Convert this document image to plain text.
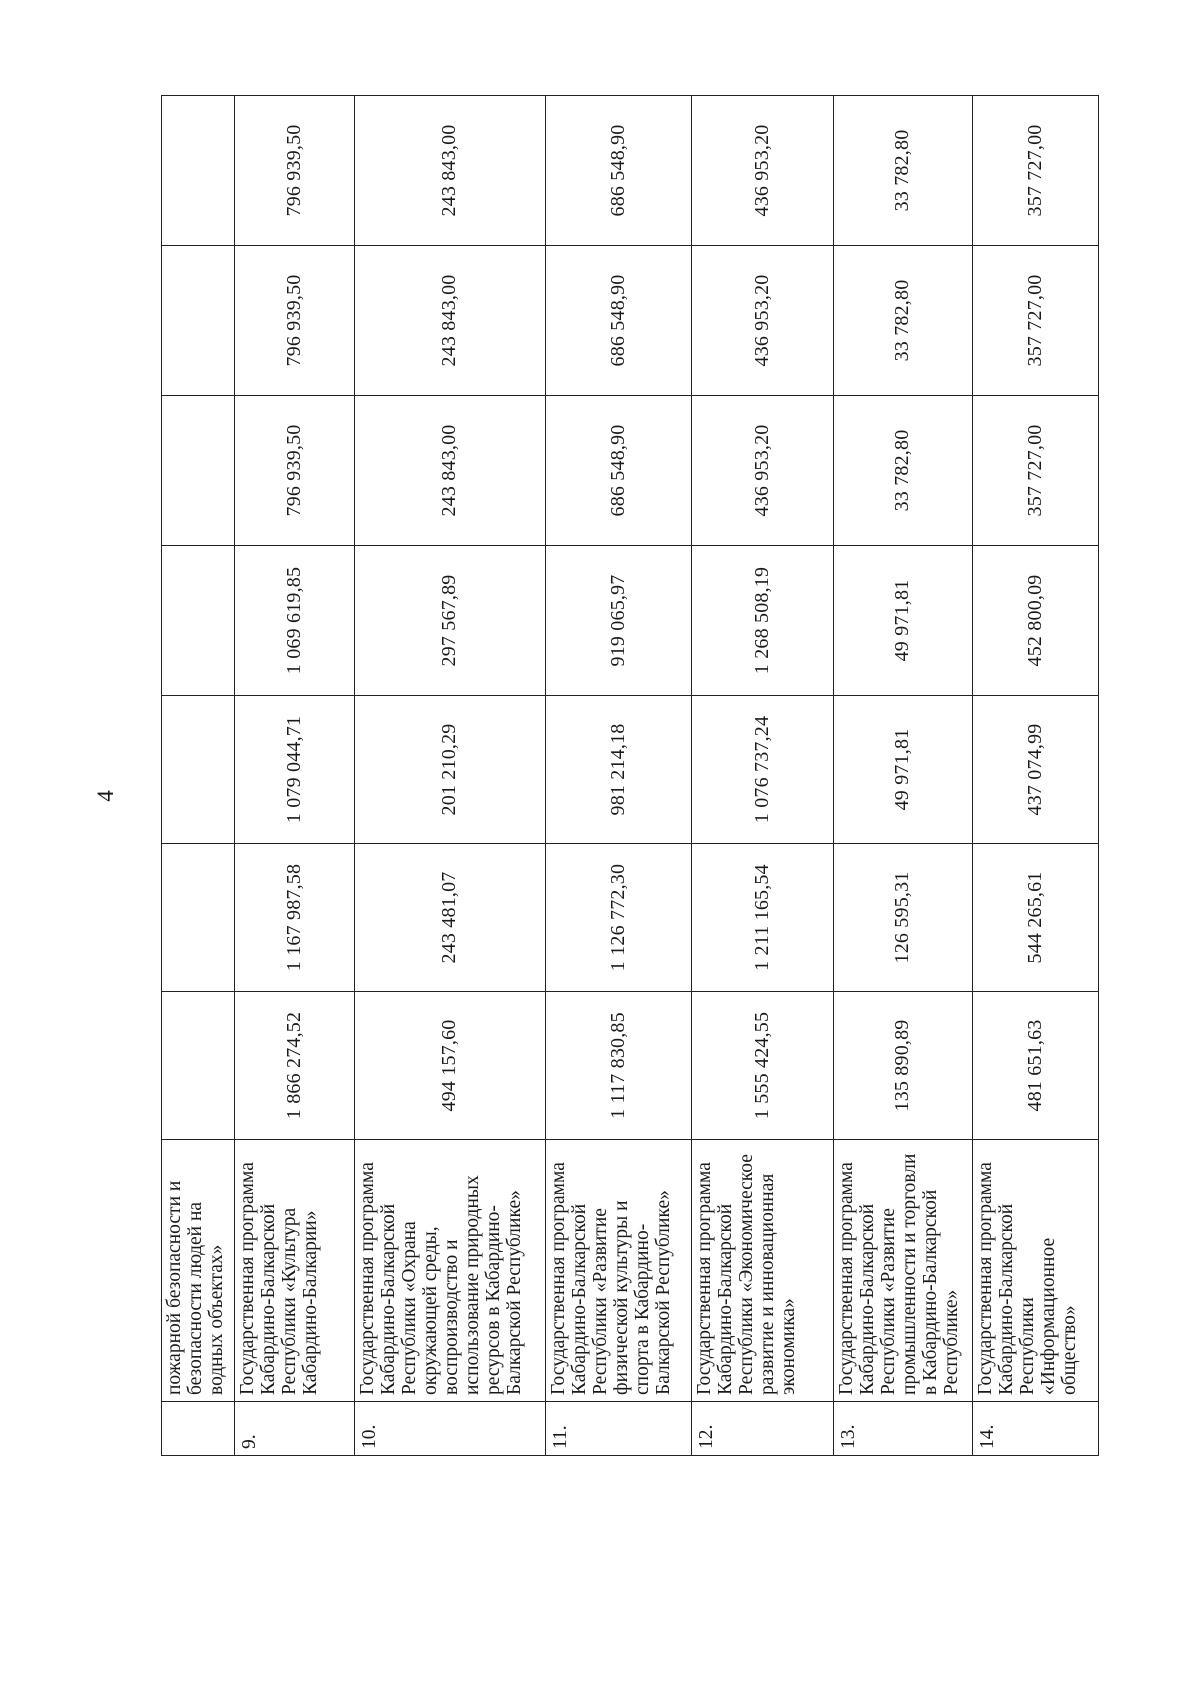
4
	пожарной безопасности и безопасности людей на водных объектах»							
9.	Государственная программа Кабардино-Балкарской Республики «Культура Кабардино-Балкарии»	1 866 274,52	1 167 987,58	1 079 044,71	1 069 619,85	796 939,50	796 939,50	796 939,50
10.	Государственная программа Кабардино-Балкарской Республики «Охрана окружающей среды, воспроизводство и использование природных ресурсов в Кабардино-Балкарской Республике»	494 157,60	243 481,07	201 210,29	297 567,89	243 843,00	243 843,00	243 843,00
11.	Государственная программа Кабардино-Балкарской Республики «Развитие физической культуры и спорта в Кабардино-Балкарской Республике»	1 117 830,85	1 126 772,30	981 214,18	919 065,97	686 548,90	686 548,90	686 548,90
12.	Государственная программа Кабардино-Балкарской Республики «Экономическое развитие и инновационная экономика»	1 555 424,55	1 211 165,54	1 076 737,24	1 268 508,19	436 953,20	436 953,20	436 953,20
13.	Государственная программа Кабардино-Балкарской Республики «Развитие промышленности и торговли в Кабардино-Балкарской Республике»	135 890,89	126 595,31	49 971,81	49 971,81	33 782,80	33 782,80	33 782,80
14.	Государственная программа Кабардино-Балкарской Республики «Информационное общество»	481 651,63	544 265,61	437 074,99	452 800,09	357 727,00	357 727,00	357 727,00
